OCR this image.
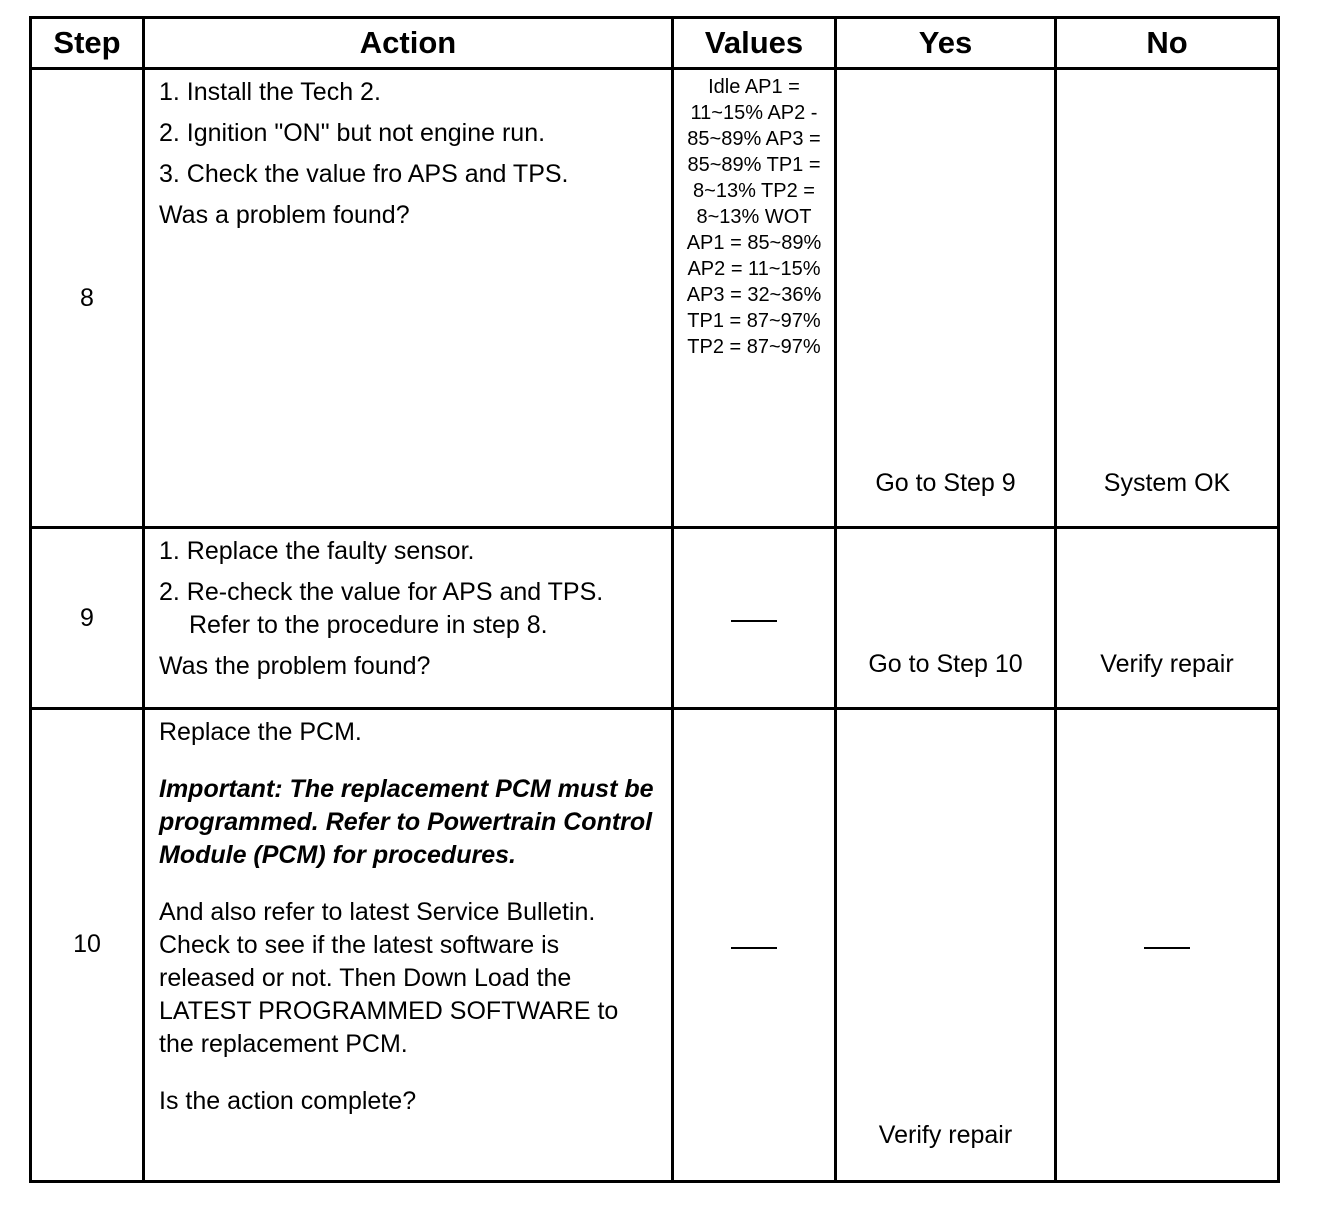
Step	Action	Values	Yes	No
8	1. Install the Tech 2.

2. Ignition "ON" but not engine run.

3. Check the value fro APS and TPS.

Was a problem found?	Idle AP1 = 11~15% AP2 - 85~89% AP3 = 85~89% TP1 = 8~13% TP2 = 8~13% WOT AP1 = 85~89% AP2 = 11~15% AP3 = 32~36% TP1 = 87~97% TP2 = 87~97%	Go to Step 9	System OK
9	1. Replace the faulty sensor.

2. Re-check the value for APS and TPS.

Refer to the procedure in step 8.

Was the problem found?		Go to Step 10	Verify repair
10	Replace the PCM.

Important: The replacement PCM must be programmed. Refer to Powertrain Control Module (PCM) for procedures.

And also refer to latest Service Bulletin. Check to see if the latest software is released or not. Then Down Load the LATEST PROGRAMMED SOFTWARE to the replacement PCM.

Is the action complete?		Verify repair	
